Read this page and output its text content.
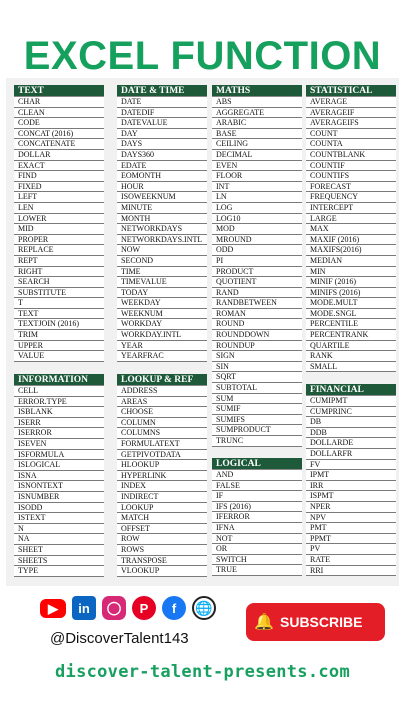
EXCEL FUNCTION
TEXT
CHAR
CLEAN
CODE
CONCAT (2016)
CONCATENATE
DOLLAR
EXACT
FIND
FIXED
LEFT
LEN
LOWER
MID
PROPER
REPLACE
REPT
RIGHT
SEARCH
SUBSTITUTE
T
TEXT
TEXTJOIN (2016)
TRIM
UPPER
VALUE
INFORMATION
CELL
ERROR.TYPE
ISBLANK
ISERR
ISERROR
ISEVEN
ISFORMULA
ISLOGICAL
ISNA
ISNONTEXT
ISNUMBER
ISODD
ISTEXT
N
NA
SHEET
SHEETS
TYPE
DATE & TIME
DATE
DATEDIF
DATEVALUE
DAY
DAYS
DAYS360
EDATE
EOMONTH
HOUR
ISOWEEKNUM
MINUTE
MONTH
NETWORKDAYS
NETWORKDAYS.INTL
NOW
SECOND
TIME
TIMEVALUE
TODAY
WEEKDAY
WEEKNUM
WORKDAY
WORKDAY.INTL
YEAR
YEARFRAC
LOOKUP & REF
ADDRESS
AREAS
CHOOSE
COLUMN
COLUMNS
FORMULATEXT
GETPIVOTDATA
HLOOKUP
HYPERLINK
INDEX
INDIRECT
LOOKUP
MATCH
OFFSET
ROW
ROWS
TRANSPOSE
VLOOKUP
MATHS
ABS
AGGREGATE
ARABIC
BASE
CEILING
DECIMAL
EVEN
FLOOR
INT
LN
LOG
LOG10
MOD
MROUND
ODD
PI
PRODUCT
QUOTIENT
RAND
RANDBETWEEN
ROMAN
ROUND
ROUNDDOWN
ROUNDUP
SIGN
SIN
SQRT
SUBTOTAL
SUM
SUMIF
SUMIFS
SUMPRODUCT
TRUNC
LOGICAL
AND
FALSE
IF
IFS (2016)
IFERROR
IFNA
NOT
OR
SWITCH
TRUE
STATISTICAL
AVERAGE
AVERAGEIF
AVERAGEIFS
COUNT
COUNTA
COUNTBLANK
COUNTIF
COUNTIFS
FORECAST
FREQUENCY
INTERCEPT
LARGE
MAX
MAXIF (2016)
MAXIFS(2016)
MEDIAN
MIN
MINIF (2016)
MINIFS (2016)
MODE.MULT
MODE.SNGL
PERCENTILE
PERCENTRANK
QUARTILE
RANK
SMALL
FINANCIAL
CUMIPMT
CUMPRINC
DB
DDB
DOLLARDE
DOLLARFR
FV
IPMT
IRR
ISPMT
NPER
NPV
PMT
PPMT
PV
RATE
RRI
▶	in	◯	P	f	🌐
@DiscoverTalent143
🔔 SUBSCRIBE
discover-talent-presents.com
